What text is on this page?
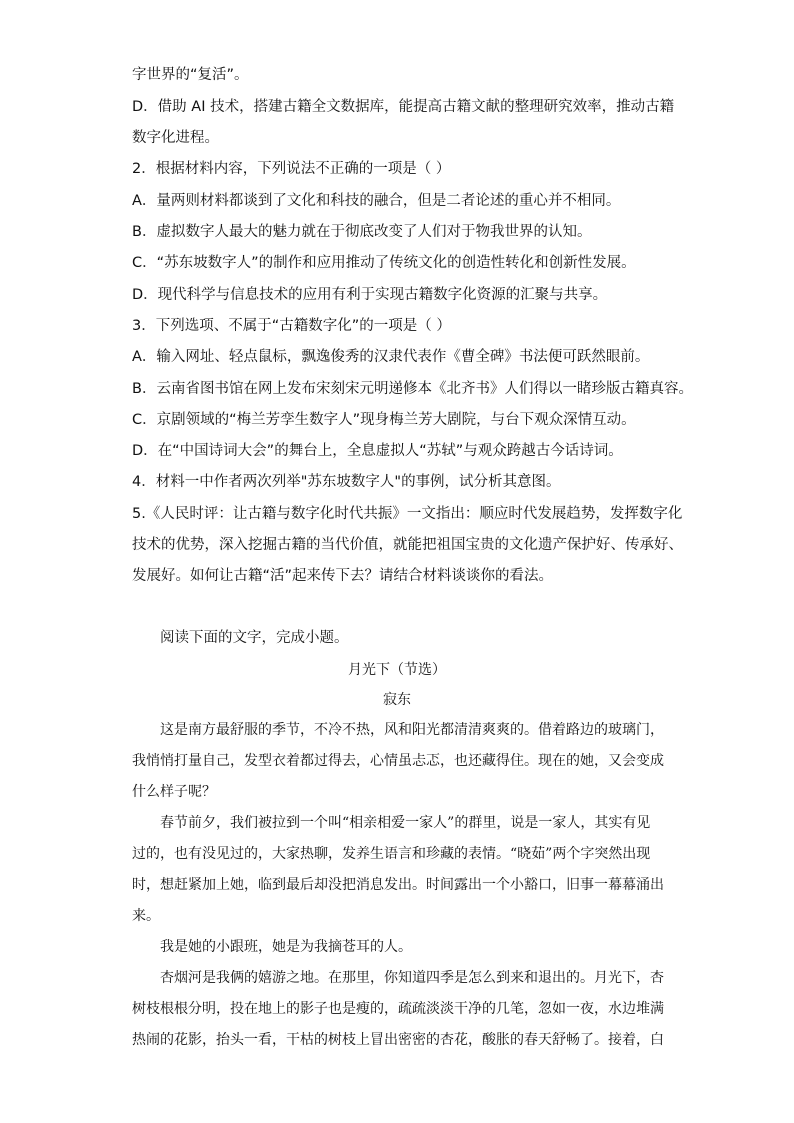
字世界的“复活”。
D．借助 AI 技术，搭建古籍全文数据库，能提高古籍文献的整理研究效率，推动古籍
数字化进程。
2．根据材料内容，下列说法不正确的一项是（ ）
A．量两则材料都谈到了文化和科技的融合，但是二者论述的重心并不相同。
B．虚拟数字人最大的魅力就在于彻底改变了人们对于物我世界的认知。
C．“苏东坡数字人”的制作和应用推动了传统文化的创造性转化和创新性发展。
D．现代科学与信息技术的应用有利于实现古籍数字化资源的汇聚与共享。
3．下列选项、不属于“古籍数字化”的一项是（ ）
A．输入网址、轻点鼠标，飘逸俊秀的汉隶代表作《曹全碑》书法便可跃然眼前。
B．云南省图书馆在网上发布宋刻宋元明递修本《北齐书》人们得以一睹珍版古籍真容。
C．京剧领域的“梅兰芳孪生数字人”现身梅兰芳大剧院，与台下观众深情互动。
D．在“中国诗词大会”的舞台上，全息虚拟人“苏轼”与观众跨越古今话诗词。
4．材料一中作者两次列举"苏东坡数字人"的事例，试分析其意图。
5.《人民时评：让古籍与数字化时代共振》一文指出：顺应时代发展趋势，发挥数字化
技术的优势，深入挖掘古籍的当代价值，就能把祖国宝贵的文化遗产保护好、传承好、
发展好。如何让古籍“活”起来传下去？请结合材料谈谈你的看法。
阅读下面的文字，完成小题。
月光下（节选）
寂东
这是南方最舒服的季节，不冷不热，风和阳光都清清爽爽的。借着路边的玻璃门，
我悄悄打量自己，发型衣着都过得去，心情虽忐忑，也还藏得住。现在的她，又会变成
什么样子呢？
春节前夕，我们被拉到一个叫“相亲相爱一家人”的群里，说是一家人，其实有见
过的，也有没见过的，大家热聊，发养生语言和珍藏的表情。“晓茹”两个字突然出现
时，想赶紧加上她，临到最后却没把消息发出。时间露出一个小豁口，旧事一幕幕涌出
来。
我是她的小跟班，她是为我摘苍耳的人。
杏烟河是我俩的嬉游之地。在那里，你知道四季是怎么到来和退出的。月光下，杏
树枝根根分明，投在地上的影子也是瘦的，疏疏淡淡干净的几笔，忽如一夜，水边堆满
热闹的花影，抬头一看，干枯的树枝上冒出密密的杏花，酸胀的春天舒畅了。接着，白
